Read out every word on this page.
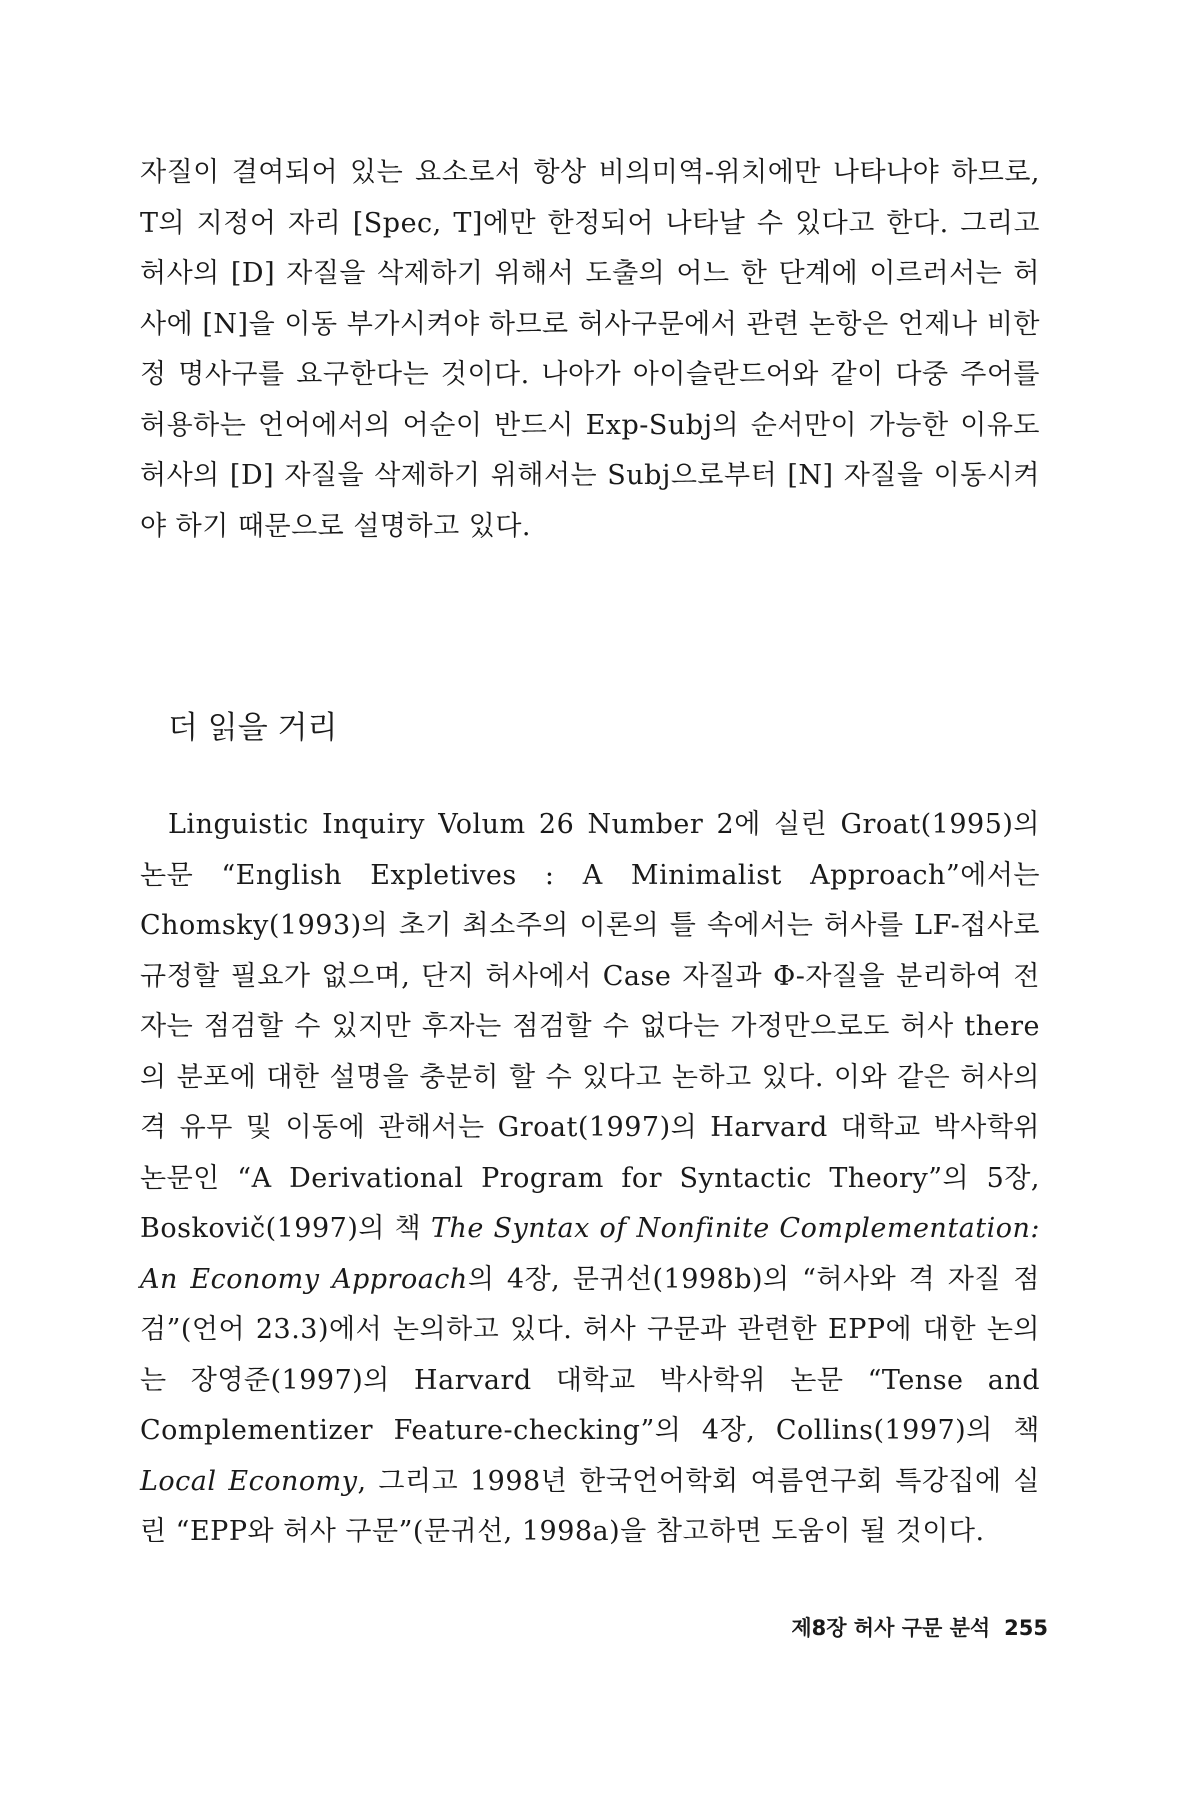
자질이 결여되어 있는 요소로서 항상 비의미역-위치에만 나타나야 하므로, T의 지정어 자리 [Spec, T]에만 한정되어 나타날 수 있다고 한다. 그리고 허사의 [D] 자질을 삭제하기 위해서 도출의 어느 한 단계에 이르러서는 허사에 [N]을 이동 부가시켜야 하므로 허사구문에서 관련 논항은 언제나 비한정 명사구를 요구한다는 것이다. 나아가 아이슬란드어와 같이 다중 주어를 허용하는 언어에서의 어순이 반드시 Exp-Subj의 순서만이 가능한 이유도 허사의 [D] 자질을 삭제하기 위해서는 Subj으로부터 [N] 자질을 이동시켜야 하기 때문으로 설명하고 있다.

더 읽을 거리

Linguistic Inquiry Volum 26 Number 2에 실린 Groat(1995)의 논문 “English Expletives : A Minimalist Approach”에서는 Chomsky(1993)의 초기 최소주의 이론의 틀 속에서는 허사를 LF-접사로 규정할 필요가 없으며, 단지 허사에서 Case 자질과 Φ-자질을 분리하여 전자는 점검할 수 있지만 후자는 점검할 수 없다는 가정만으로도 허사 there의 분포에 대한 설명을 충분히 할 수 있다고 논하고 있다. 이와 같은 허사의 격 유무 및 이동에 관해서는 Groat(1997)의 Harvard 대학교 박사학위 논문인 “A Derivational Program for Syntactic Theory”의 5장, Boskovič(1997)의 책 The Syntax of Nonfinite Complementation: An Economy Approach의 4장, 문귀선(1998b)의 “허사와 격 자질 점검”(언어 23.3)에서 논의하고 있다. 허사 구문과 관련한 EPP에 대한 논의는 장영준(1997)의 Harvard 대학교 박사학위 논문 “Tense and Complementizer Feature-checking”의 4장, Collins(1997)의 책 Local Economy, 그리고 1998년 한국언어학회 여름연구회 특강집에 실린 “EPP와 허사 구문”(문귀선, 1998a)을 참고하면 도움이 될 것이다.

제8장 허사 구문 분석 255
